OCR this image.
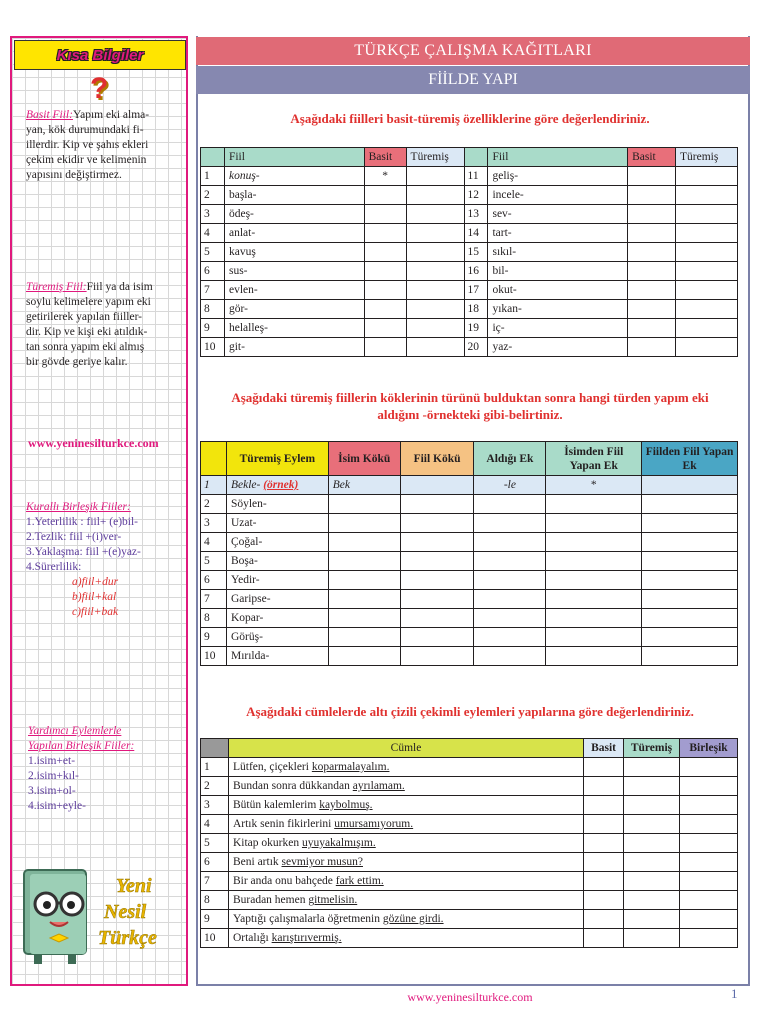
Kısa Bilgiler
?
Basit Fiil:Yapım eki alma-
yan, kök durumundaki fi-
illerdir. Kip ve şahıs ekleri
çekim ekidir ve kelimenin
yapısını değiştirmez.
Türemiş Fiil:Fiil ya da isim
soylu kelimelere yapım eki
getirilerek yapılan fiiller-
dir. Kip ve kişi eki atıldık-
tan sonra yapım eki almış
bir gövde geriye kalır.
www.yeninesilturkce.com
Kurallı Birleşik Fiiler:
1.Yeterlilik : fiil+ (e)bil-
2.Tezlik: fiil +(i)ver-
3.Yaklaşma: fiil +(e)yaz-
4.Sürerlilik:
a)fiil+dur
b)fiil+kal
c)fiil+bak
Yardımcı Eylemlerle
Yapılan Birleşik Fiiler:
1.isim+et-
2.isim+kıl-
3.isim+ol-
4.isim+eyle-
Yeni
Nesil
Türkçe
TÜRKÇE ÇALIŞMA KAĞITLARI
FİİLDE YAPI
Aşağıdaki fiilleri basit-türemiş özelliklerine göre değerlendiriniz.
	Fiil	Basit	Türemiş		Fiil	Basit	Türemiş
1	konuş-	*		11	geliş-		
2	başla-			12	incele-		
3	ödeş-			13	sev-		
4	anlat-			14	tart-		
5	kavuş			15	sıkıl-		
6	sus-			16	bil-		
7	evlen-			17	okut-		
8	gör-			18	yıkan-		
9	helalleş-			19	iç-		
10	git-			20	yaz-		
Aşağıdaki türemiş fiillerin köklerinin türünü bulduktan sonra hangi türden yapım eki
aldığını -örnekteki gibi-belirtiniz.
	Türemiş Eylem	İsim Kökü	Fiil Kökü	Aldığı Ek	İsimden Fiil Yapan Ek	Fiilden Fiil Yapan Ek
1	Bekle- (örnek)	Bek		-le	*	
2	Söylen-					
3	Uzat-					
4	Çoğal-					
5	Boşa-					
6	Yedir-					
7	Garipse-					
8	Kopar-					
9	Görüş-					
10	Mırılda-					
Aşağıdaki cümlelerde altı çizili çekimli eylemleri yapılarına göre değerlendiriniz.
	Cümle	Basit	Türemiş	Birleşik
1	Lütfen, çiçekleri koparmalayalım.			
2	Bundan sonra dükkandan ayrılamam.			
3	Bütün kalemlerim kaybolmuş.			
4	Artık senin fikirlerini umursamıyorum.			
5	Kitap okurken uyuyakalmışım.			
6	Beni artık sevmiyor musun?			
7	Bir anda onu bahçede fark ettim.			
8	Buradan hemen gitmelisin.			
9	Yaptığı çalışmalarla öğretmenin gözüne girdi.			
10	Ortalığı karıştırıvermiş.			
www.yeninesilturkce.com	1
